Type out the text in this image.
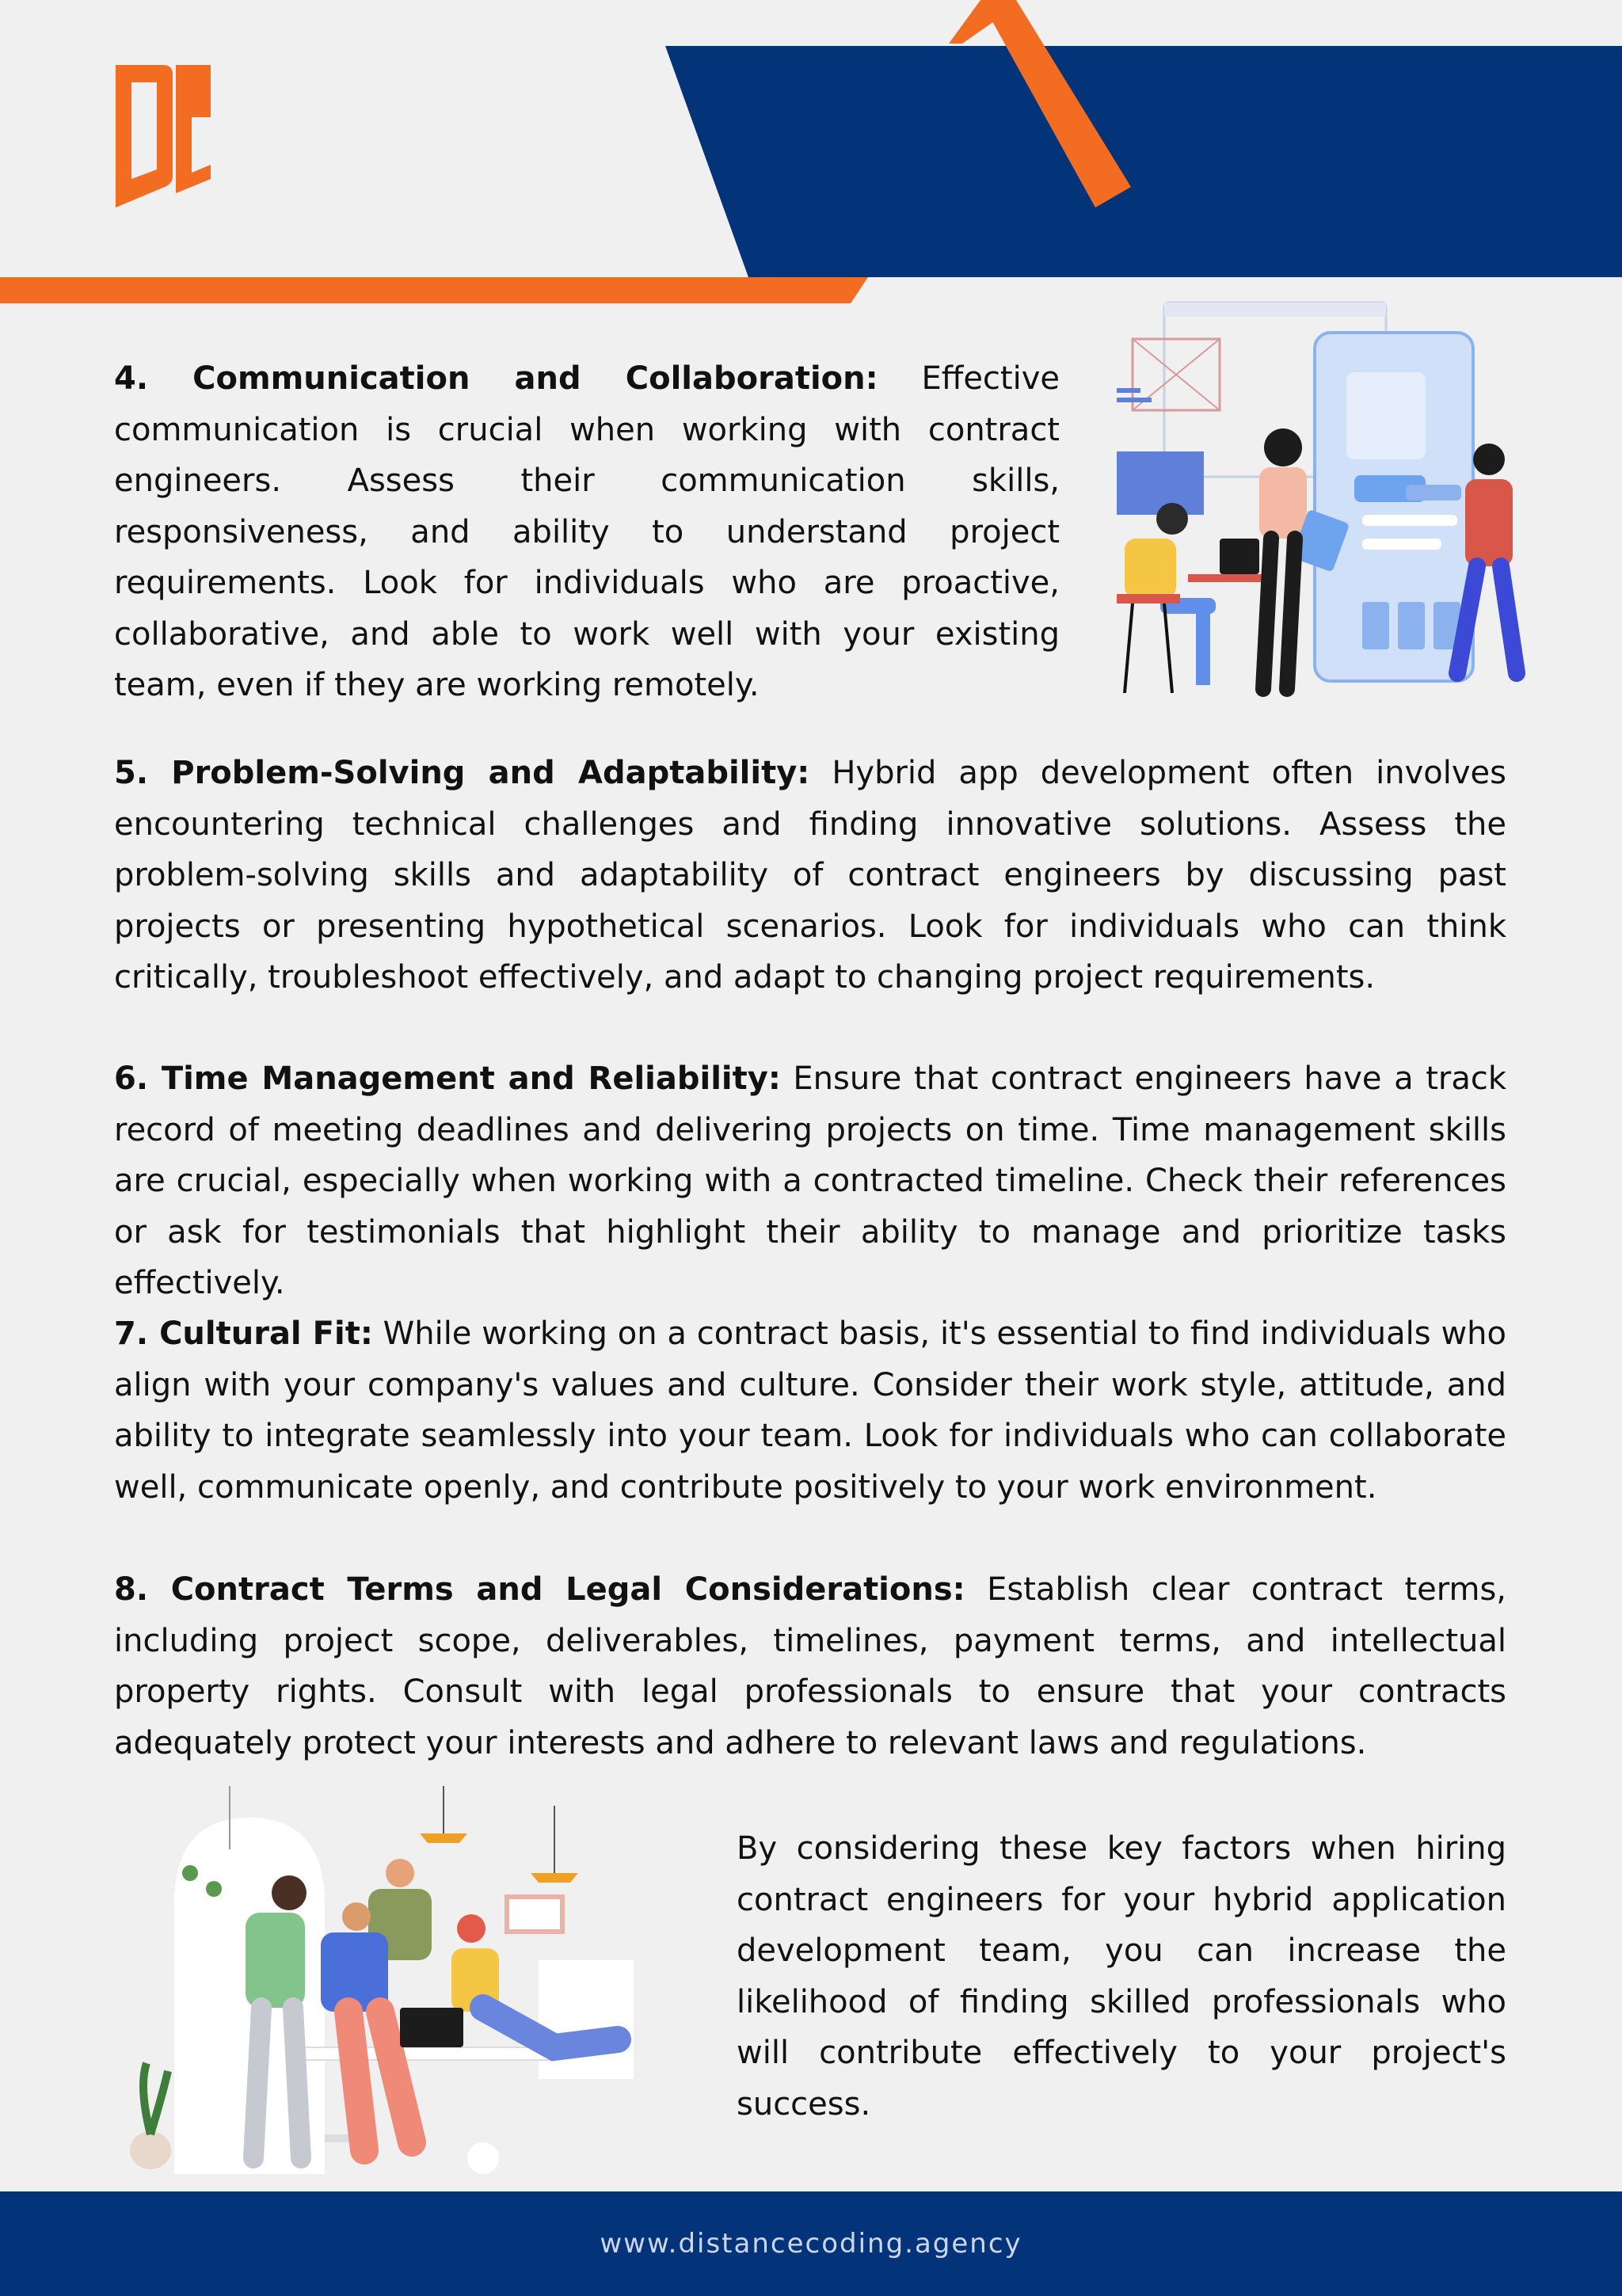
4. Communication and Collaboration: Effective communication is crucial when working with contract engineers. Assess their communication skills, responsiveness, and ability to understand project requirements. Look for individuals who are proactive, collaborative, and able to work well with your existing team, even if they are working remotely.

5. Problem-Solving and Adaptability: Hybrid app development often involves encountering technical challenges and finding innovative solutions. Assess the problem-solving skills and adaptability of contract engineers by discussing past projects or presenting hypothetical scenarios. Look for individuals who can think critically, troubleshoot effectively, and adapt to changing project requirements.

6. Time Management and Reliability: Ensure that contract engineers have a track record of meeting deadlines and delivering projects on time. Time management skills are crucial, especially when working with a contracted timeline. Check their references or ask for testimonials that highlight their ability to manage and prioritize tasks effectively.

7. Cultural Fit: While working on a contract basis, it's essential to find individuals who align with your company's values and culture. Consider their work style, attitude, and ability to integrate seamlessly into your team. Look for individuals who can collaborate well, communicate openly, and contribute positively to your work environment.

8. Contract Terms and Legal Considerations: Establish clear contract terms, including project scope, deliverables, timelines, payment terms, and intellectual property rights. Consult with legal professionals to ensure that your contracts adequately protect your interests and adhere to relevant laws and regulations.

By considering these key factors when hiring contract engineers for your hybrid application development team, you can increase the likelihood of finding skilled professionals who will contribute effectively to your project's success.

www.distancecoding.agency
